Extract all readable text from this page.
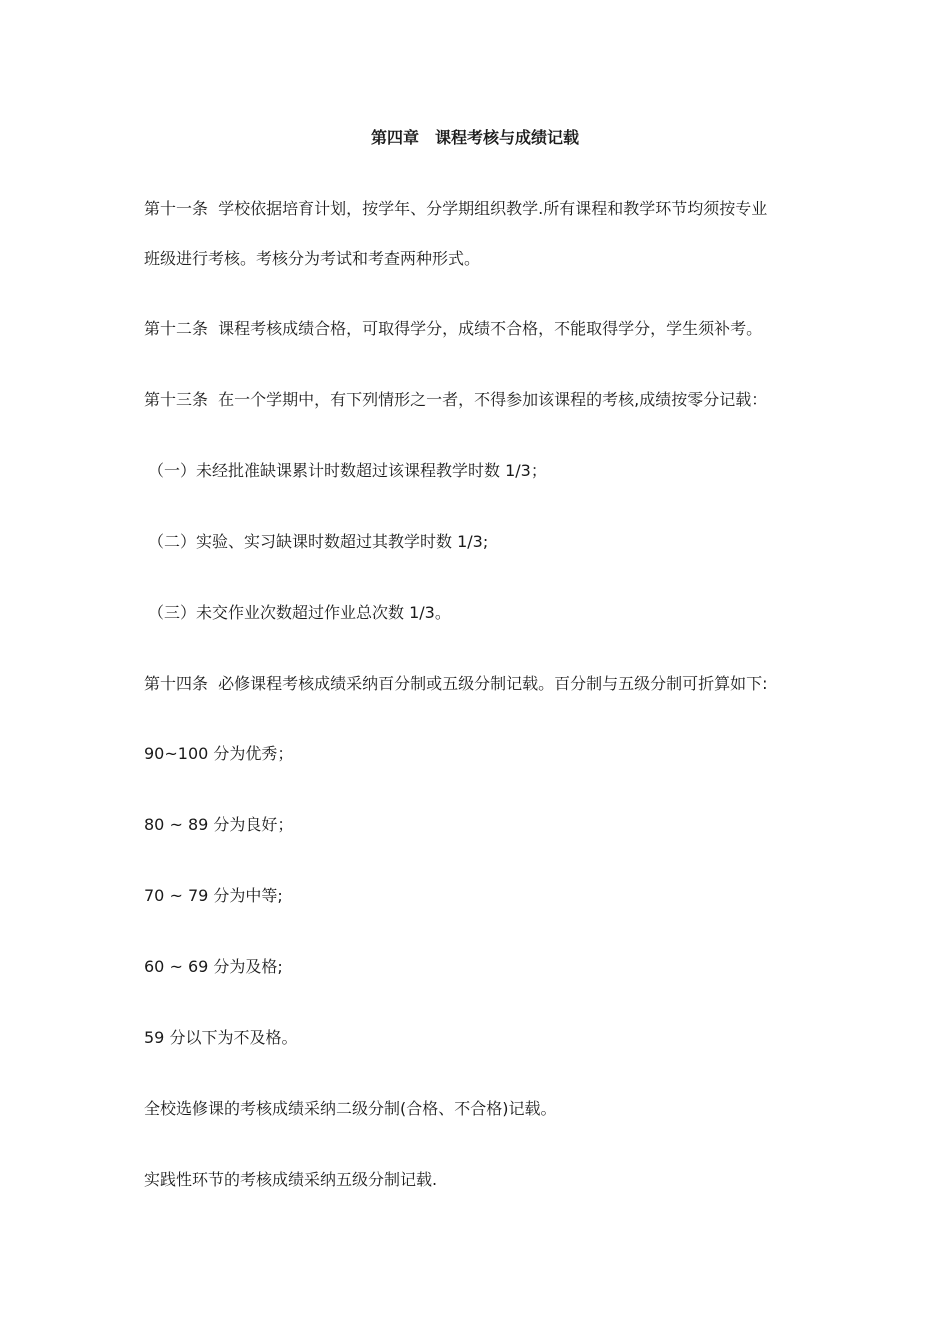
第四章　课程考核与成绩记载
第十一条  学校依据培育计划，按学年、分学期组织教学.所有课程和教学环节均须按专业
班级进行考核。考核分为考试和考查两种形式。
第十二条  课程考核成绩合格，可取得学分，成绩不合格，不能取得学分，学生须补考。
第十三条  在一个学期中，有下列情形之一者，不得参加该课程的考核,成绩按零分记载：
（一）未经批准缺课累计时数超过该课程教学时数 1/3；
（二）实验、实习缺课时数超过其教学时数 1/3;
（三）未交作业次数超过作业总次数 1/3。
第十四条  必修课程考核成绩采纳百分制或五级分制记载。百分制与五级分制可折算如下:
90~100 分为优秀；
80 ~ 89 分为良好；
70 ~ 79 分为中等;
60 ~ 69 分为及格;
59 分以下为不及格。
全校选修课的考核成绩采纳二级分制(合格、不合格)记载。
实践性环节的考核成绩采纳五级分制记载.
